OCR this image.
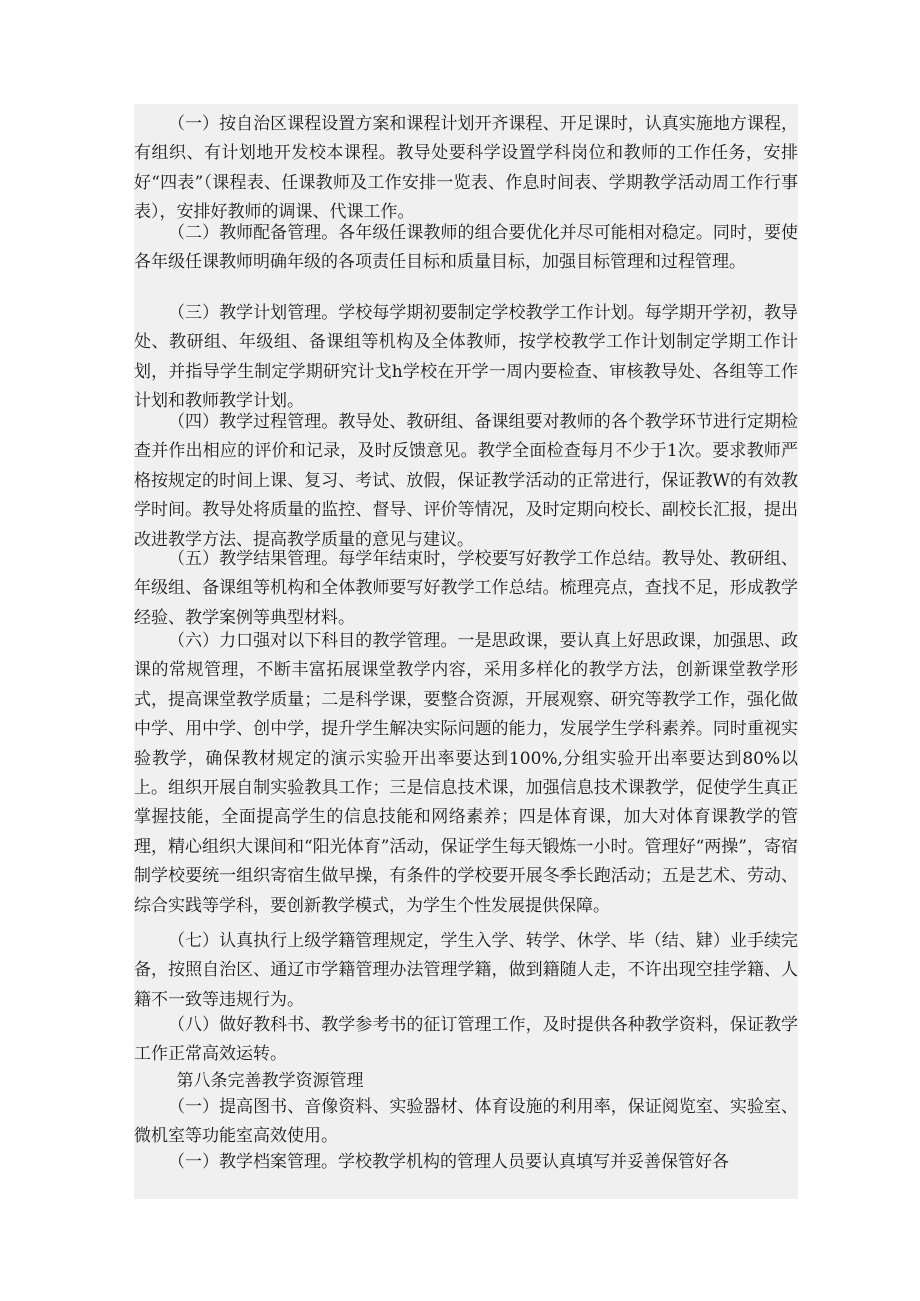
（一）按自治区课程设置方案和课程计划开齐课程、开足课时，认真实施地方课程，有组织、有计划地开发校本课程。教导处要科学设置学科岗位和教师的工作任务，安排好“四表”（课程表、任课教师及工作安排一览表、作息时间表、学期教学活动周工作行事表），安排好教师的调课、代课工作。

（二）教师配备管理。各年级任课教师的组合要优化并尽可能相对稳定。同时，要使各年级任课教师明确年级的各项责任目标和质量目标，加强目标管理和过程管理。

（三）教学计划管理。学校每学期初要制定学校教学工作计划。每学期开学初，教导处、教研组、年级组、备课组等机构及全体教师，按学校教学工作计划制定学期工作计划，并指导学生制定学期研究计戈h学校在开学一周内要检查、审核教导处、各组等工作计划和教师教学计划。

（四）教学过程管理。教导处、教研组、备课组要对教师的各个教学环节进行定期检查并作出相应的评价和记录，及时反馈意见。教学全面检查每月不少于1次。要求教师严格按规定的时间上课、复习、考试、放假，保证教学活动的正常进行，保证教W的有效教学时间。教导处将质量的监控、督导、评价等情况，及时定期向校长、副校长汇报，提出改进教学方法、提高教学质量的意见与建议。

（五）教学结果管理。每学年结束时，学校要写好教学工作总结。教导处、教研组、年级组、备课组等机构和全体教师要写好教学工作总结。梳理亮点，查找不足，形成教学经验、教学案例等典型材料。

（六）力口强对以下科目的教学管理。一是思政课，要认真上好思政课，加强思、政课的常规管理，不断丰富拓展课堂教学内容，采用多样化的教学方法，创新课堂教学形式，提高课堂教学质量；二是科学课，要整合资源，开展观察、研究等教学工作，强化做中学、用中学、创中学，提升学生解决实际问题的能力，发展学生学科素养。同时重视实验教学，确保教材规定的演示实验开出率要达到100%,分组实验开出率要达到80%以上。组织开展自制实验教具工作；三是信息技术课，加强信息技术课教学，促使学生真正掌握技能，全面提高学生的信息技能和网络素养；四是体育课，加大对体育课教学的管理，精心组织大课间和“阳光体育”活动，保证学生每天锻炼一小时。管理好“两操”，寄宿制学校要统一组织寄宿生做早操，有条件的学校要开展冬季长跑活动；五是艺术、劳动、综合实践等学科，要创新教学模式，为学生个性发展提供保障。

（七）认真执行上级学籍管理规定，学生入学、转学、休学、毕（结、肄）业手续完备，按照自治区、通辽市学籍管理办法管理学籍，做到籍随人走，不许出现空挂学籍、人籍不一致等违规行为。

（八）做好教科书、教学参考书的征订管理工作，及时提供各种教学资料，保证教学工作正常高效运转。

第八条完善教学资源管理

（一）提高图书、音像资料、实验器材、体育设施的利用率，保证阅览室、实验室、微机室等功能室高效使用。

（一）教学档案管理。学校教学机构的管理人员要认真填写并妥善保管好各
